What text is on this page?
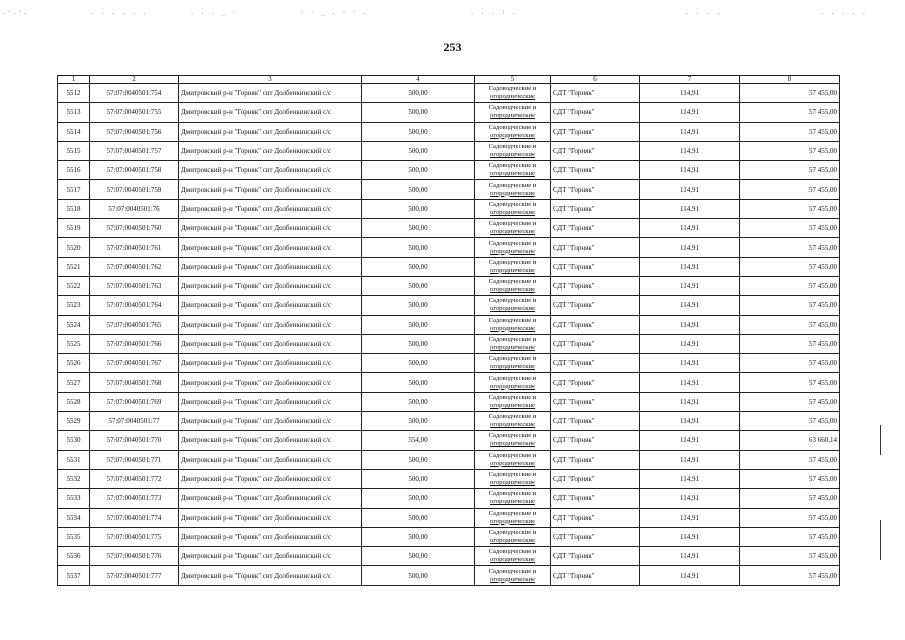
.-.-.	. . . . . .	. . . _ -	- - _ . - - .	. . . : .	. . . .	. . . . .
253
1	2	3	4	5	6	7	8
5512	57:07:0040501:754	Дмитровский р-н "Горняк" снт Долбенкинский с/с	500,00	Садоводческие и
огороднические	СДТ "Горняк"	114,91	57 455,00
5513	57:07:0040501:755	Дмитровский р-н "Горняк" снт Долбенкинский с/с	500,00	Садоводческие и
огороднические	СДТ "Горняк"	114,91	57 455,00
5514	57:07:0040501:756	Дмитровский р-н "Горняк" снт Долбенкинский с/с	500,00	Садоводческие и
огороднические	СДТ "Горняк"	114,91	57 455,00
5515	57:07:0040501:757	Дмитровский р-н "Горняк" снт Долбенкинский с/с	500,00	Садоводческие и
огороднические	СДТ "Горняк"	114,91	57 455,00
5516	57:07:0040501:758	Дмитровский р-н "Горняк" снт Долбенкинский с/с	500,00	Садоводческие и
огороднические	СДТ "Горняк"	114,91	57 455,00
5517	57:07:0040501:759	Дмитровский р-н "Горняк" снт Долбенкинский с/с	500,00	Садоводческие и
огороднические	СДТ "Горняк"	114,91	57 455,00
5518	57:07:0040501:76	Дмитровский р-н "Горняк" снт Долбенкинский с/с	500,00	Садоводческие и
огороднические	СДТ "Горняк"	114,91	57 455,00
5519	57:07:0040501:760	Дмитровский р-н "Горняк" снт Долбенкинский с/с	500,00	Садоводческие и
огороднические	СДТ "Горняк"	114,91	57 455,00
5520	57:07:0040501:761	Дмитровский р-н "Горняк" снт Долбенкинский с/с	500,00	Садоводческие и
огороднические	СДТ "Горняк"	114,91	57 455,00
5521	57:07:0040501:762	Дмитровский р-н "Горняк" снт Долбенкинский с/с	500,00	Садоводческие и
огороднические	СДТ "Горняк"	114,91	57 455,00
5522	57:07:0040501:763	Дмитровский р-н "Горняк" снт Долбенкинский с/с	500,00	Садоводческие и
огороднические	СДТ "Горняк"	114,91	57 455,00
5523	57:07:0040501:764	Дмитровский р-н "Горняк" снт Долбенкинский с/с	500,00	Садоводческие и
огороднические	СДТ "Горняк"	114,91	57 455,00
5524	57:07:0040501:765	Дмитровский р-н "Горняк" снт Долбенкинский с/с	500,00	Садоводческие и
огороднические	СДТ "Горняк"	114,91	57 455,00
5525	57:07:0040501:766	Дмитровский р-н "Горняк" снт Долбенкинский с/с	500,00	Садоводческие и
огороднические	СДТ "Горняк"	114,91	57 455,00
5526	57:07:0040501:767	Дмитровский р-н "Горняк" снт Долбенкинский с/с	500,00	Садоводческие и
огороднические	СДТ "Горняк"	114,91	57 455,00
5527	57:07:0040501:768	Дмитровский р-н "Горняк" снт Долбенкинский с/с	500,00	Садоводческие и
огороднические	СДТ "Горняк"	114,91	57 455,00
5528	57:07:0040501:769	Дмитровский р-н "Горняк" снт Долбенкинский с/с	500,00	Садоводческие и
огороднические	СДТ "Горняк"	114,91	57 455,00
5529	57:07:0040501:77	Дмитровский р-н "Горняк" снт Долбенкинский с/с	500,00	Садоводческие и
огороднические	СДТ "Горняк"	114,91	57 455,00
5530	57:07:0040501:770	Дмитровский р-н "Горняк" снт Долбенкинский с/с	554,00	Садоводческие и
огороднические	СДТ "Горняк"	114,91	63 660,14
5531	57:07:0040501:771	Дмитровский р-н "Горняк" снт Долбенкинский с/с	500,00	Садоводческие и
огороднические	СДТ "Горняк"	114,91	57 455,00
5532	57:07:0040501:772	Дмитровский р-н "Горняк" снт Долбенкинский с/с	500,00	Садоводческие и
огороднические	СДТ "Горняк"	114,91	57 455,00
5533	57:07:0040501:773	Дмитровский р-н "Горняк" снт Долбенкинский с/с	500,00	Садоводческие и
огороднические	СДТ "Горняк"	114,91	57 455,00
5534	57:07:0040501:774	Дмитровский р-н "Горняк" снт Долбенкинский с/с	500,00	Садоводческие и
огороднические	СДТ "Горняк"	114,91	57 455,00
5535	57:07:0040501:775	Дмитровский р-н "Горняк" снт Долбенкинский с/с	500,00	Садоводческие и
огороднические	СДТ "Горняк"	114,91	57 455,00
5536	57:07:0040501:776	Дмитровский р-н "Горняк" снт Долбенкинский с/с	500,00	Садоводческие и
огороднические	СДТ "Горняк"	114,91	57 455,00
5537	57:07:0040501:777	Дмитровский р-н "Горняк" снт Долбенкинский с/с	500,00	Садоводческие и
огороднические	СДТ "Горняк"	114,91	57 455,00
